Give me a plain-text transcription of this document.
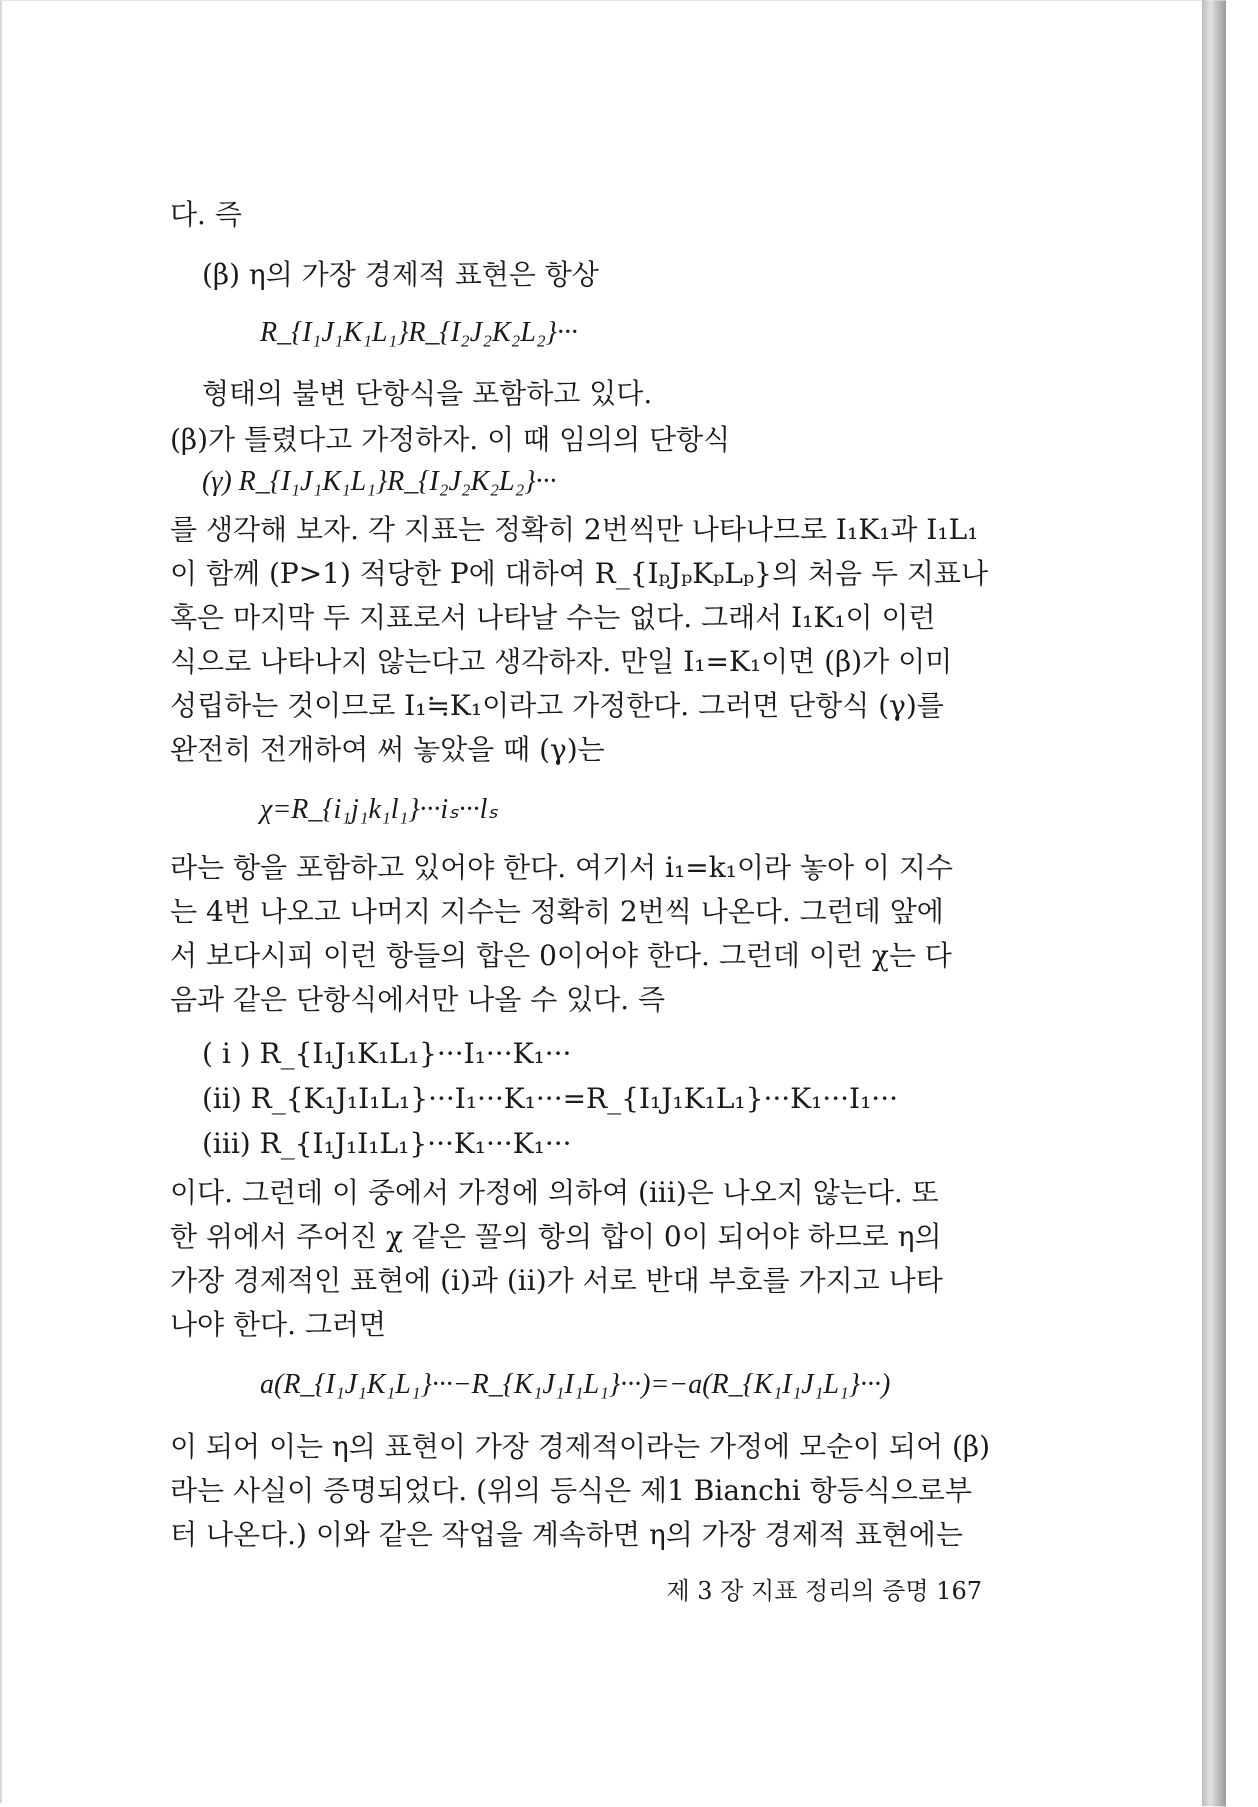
다. 즉

(β) η의 가장 경제적 표현은 항상

R_{I₁J₁K₁L₁}R_{I₂J₂K₂L₂}···

형태의 불변 단항식을 포함하고 있다.

(β)가 틀렸다고 가정하자. 이 때 임의의 단항식

(γ) R_{I₁J₁K₁L₁}R_{I₂J₂K₂L₂}···

를 생각해 보자. 각 지표는 정확히 2번씩만 나타나므로 I₁K₁과 I₁L₁

이 함께 (P>1) 적당한 P에 대하여 R_{IₚJₚKₚLₚ}의 처음 두 지표나

혹은 마지막 두 지표로서 나타날 수는 없다. 그래서 I₁K₁이 이런

식으로 나타나지 않는다고 생각하자. 만일 I₁=K₁이면 (β)가 이미

성립하는 것이므로 I₁≒K₁이라고 가정한다. 그러면 단항식 (γ)를

완전히 전개하여 써 놓았을 때 (γ)는

χ=R_{i₁j₁k₁l₁}···iₛ···lₛ

라는 항을 포함하고 있어야 한다. 여기서 i₁=k₁이라 놓아 이 지수

는 4번 나오고 나머지 지수는 정확히 2번씩 나온다. 그런데 앞에

서 보다시피 이런 항들의 합은 0이어야 한다. 그런데 이런 χ는 다

음과 같은 단항식에서만 나올 수 있다. 즉

( i ) R_{I₁J₁K₁L₁}···I₁···K₁···

(ii) R_{K₁J₁I₁L₁}···I₁···K₁···=R_{I₁J₁K₁L₁}···K₁···I₁···

(iii) R_{I₁J₁I₁L₁}···K₁···K₁···

이다. 그런데 이 중에서 가정에 의하여 (iii)은 나오지 않는다. 또

한 위에서 주어진 χ 같은 꼴의 항의 합이 0이 되어야 하므로 η의

가장 경제적인 표현에 (i)과 (ii)가 서로 반대 부호를 가지고 나타

나야 한다. 그러면

a(R_{I₁J₁K₁L₁}···−R_{K₁J₁I₁L₁}···)=−a(R_{K₁I₁J₁L₁}···)

이 되어 이는 η의 표현이 가장 경제적이라는 가정에 모순이 되어 (β)

라는 사실이 증명되었다. (위의 등식은 제1 Bianchi 항등식으로부

터 나온다.) 이와 같은 작업을 계속하면 η의 가장 경제적 표현에는

제 3 장 지표 정리의 증명 167
